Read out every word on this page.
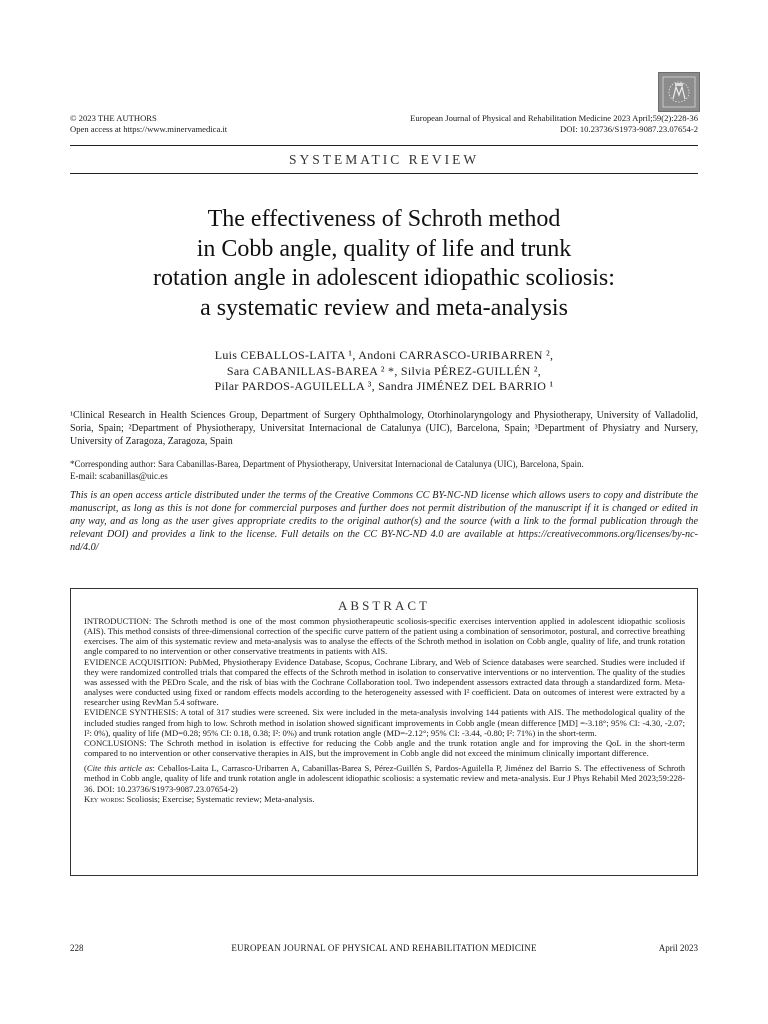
© 2023 THE AUTHORS
Open access at https://www.minervamedica.it
European Journal of Physical and Rehabilitation Medicine 2023 April;59(2):228-36
DOI: 10.23736/S1973-9087.23.07654-2
SYSTEMATIC REVIEW
The effectiveness of Schroth method
in Cobb angle, quality of life and trunk
rotation angle in adolescent idiopathic scoliosis:
a systematic review and meta-analysis
Luis CEBALLOS-LAITA ¹, Andoni CARRASCO-URIBARREN ²,
Sara CABANILLAS-BAREA ² *, Silvia PÉREZ-GUILLÉN ²,
Pilar PARDOS-AGUILELLA ³, Sandra JIMÉNEZ DEL BARRIO ¹
¹Clinical Research in Health Sciences Group, Department of Surgery Ophthalmology, Otorhinolaryngology and Physiotherapy, University of Valladolid, Soria, Spain; ²Department of Physiotherapy, Universitat Internacional de Catalunya (UIC), Barcelona, Spain; ³Department of Physiatry and Nursery, University of Zaragoza, Zaragoza, Spain
*Corresponding author: Sara Cabanillas-Barea, Department of Physiotherapy, Universitat Internacional de Catalunya (UIC), Barcelona, Spain.
E-mail: scabanillas@uic.es
This is an open access article distributed under the terms of the Creative Commons CC BY-NC-ND license which allows users to copy and distribute the manuscript, as long as this is not done for commercial purposes and further does not permit distribution of the manuscript if it is changed or edited in any way, and as long as the user gives appropriate credits to the original author(s) and the source (with a link to the formal publication through the relevant DOI) and provides a link to the license. Full details on the CC BY-NC-ND 4.0 are available at https://creativecommons.org/licenses/by-nc-nd/4.0/
ABSTRACT

INTRODUCTION: The Schroth method is one of the most common physiotherapeutic scoliosis-specific exercises intervention applied in adolescent idiopathic scoliosis (AIS). This method consists of three-dimensional correction of the specific curve pattern of the patient using a combination of sensorimotor, postural, and corrective breathing exercises. The aim of this systematic review and meta-analysis was to analyse the effects of the Schroth method in isolation on Cobb angle, quality of life, and trunk rotation angle compared to no intervention or other conservative treatments in patients with AIS.

EVIDENCE ACQUISITION: PubMed, Physiotherapy Evidence Database, Scopus, Cochrane Library, and Web of Science databases were searched. Studies were included if they were randomized controlled trials that compared the effects of the Schroth method in isolation to conservative interventions or no intervention. The quality of the studies was assessed with the PEDro Scale, and the risk of bias with the Cochrane Collaboration tool. Two independent assessors extracted data through a standardized form. Meta-analyses were conducted using fixed or random effects models according to the heterogeneity assessed with I² coefficient. Data on outcomes of interest were extracted by a researcher using RevMan 5.4 software.

EVIDENCE SYNTHESIS: A total of 317 studies were screened. Six were included in the meta-analysis involving 144 patients with AIS. The methodological quality of the included studies ranged from high to low. Schroth method in isolation showed significant improvements in Cobb angle (mean difference [MD] =-3.18°; 95% CI: -4.30, -2.07; I²: 0%), quality of life (MD=0.28; 95% CI: 0.18, 0.38; I²: 0%) and trunk rotation angle (MD=-2.12°; 95% CI: -3.44, -0.80; I²: 71%) in the short-term.

CONCLUSIONS: The Schroth method in isolation is effective for reducing the Cobb angle and the trunk rotation angle and for improving the QoL in the short-term compared to no intervention or other conservative therapies in AIS, but the improvement in Cobb angle did not exceed the minimum clinically important difference.

(Cite this article as: Ceballos-Laita L, Carrasco-Uribarren A, Cabanillas-Barea S, Pérez-Guillén S, Pardos-Aguilella P, Jiménez del Barrio S. The effectiveness of Schroth method in Cobb angle, quality of life and trunk rotation angle in adolescent idiopathic scoliosis: a systematic review and meta-analysis. Eur J Phys Rehabil Med 2023;59:228-36. DOI: 10.23736/S1973-9087.23.07654-2)

Key words: Scoliosis; Exercise; Systematic review; Meta-analysis.

228	EUROPEAN JOURNAL OF PHYSICAL AND REHABILITATION MEDICINE	April 2023
